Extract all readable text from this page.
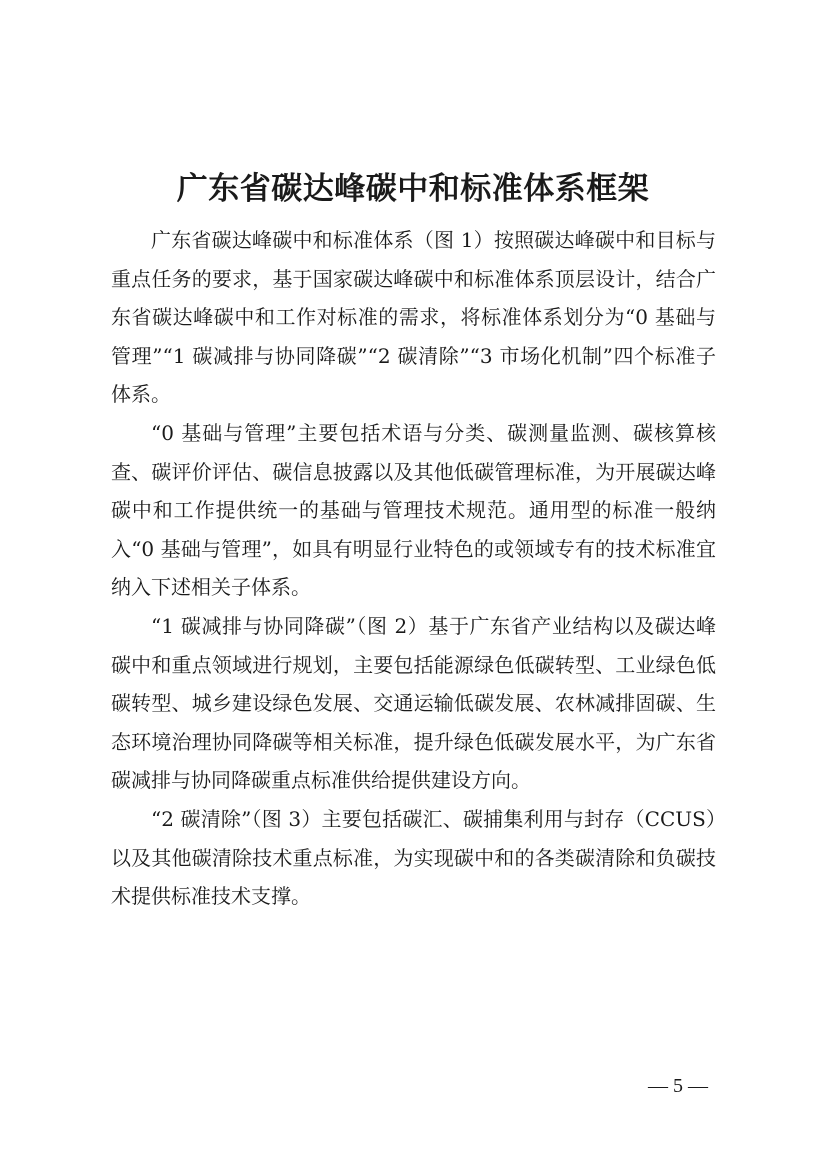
广东省碳达峰碳中和标准体系框架

广东省碳达峰碳中和标准体系（图 1）按照碳达峰碳中和目标与重点任务的要求，基于国家碳达峰碳中和标准体系顶层设计，结合广东省碳达峰碳中和工作对标准的需求，将标准体系划分为“0 基础与管理”“1 碳减排与协同降碳”“2 碳清除”“3 市场化机制”四个标准子体系。

“0 基础与管理”主要包括术语与分类、碳测量监测、碳核算核查、碳评价评估、碳信息披露以及其他低碳管理标准，为开展碳达峰碳中和工作提供统一的基础与管理技术规范。通用型的标准一般纳入“0 基础与管理”，如具有明显行业特色的或领域专有的技术标准宜纳入下述相关子体系。

“1 碳减排与协同降碳”（图 2）基于广东省产业结构以及碳达峰碳中和重点领域进行规划，主要包括能源绿色低碳转型、工业绿色低碳转型、城乡建设绿色发展、交通运输低碳发展、农林减排固碳、生态环境治理协同降碳等相关标准，提升绿色低碳发展水平，为广东省碳减排与协同降碳重点标准供给提供建设方向。

“2 碳清除”（图 3）主要包括碳汇、碳捕集利用与封存（CCUS）以及其他碳清除技术重点标准，为实现碳中和的各类碳清除和负碳技术提供标准技术支撑。

— 5 —
